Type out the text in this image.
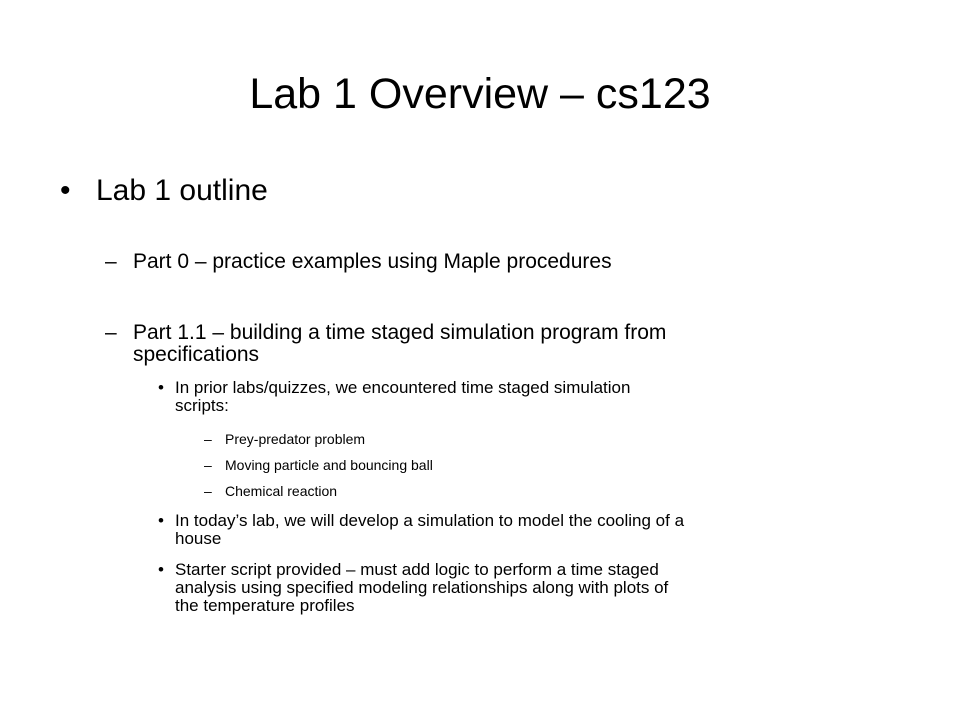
Lab 1 Overview – cs123
• Lab 1 outline
– Part 0 – practice examples using Maple procedures
– Part 1.1 – building a time staged simulation program from
specifications
• In prior labs/quizzes, we encountered time staged simulation
scripts:
– Prey-predator problem
– Moving particle and bouncing ball
– Chemical reaction
• In today’s lab, we will develop a simulation to model the cooling of a
house
• Starter script provided – must add logic to perform a time staged
analysis using specified modeling relationships along with plots of
the temperature profiles
